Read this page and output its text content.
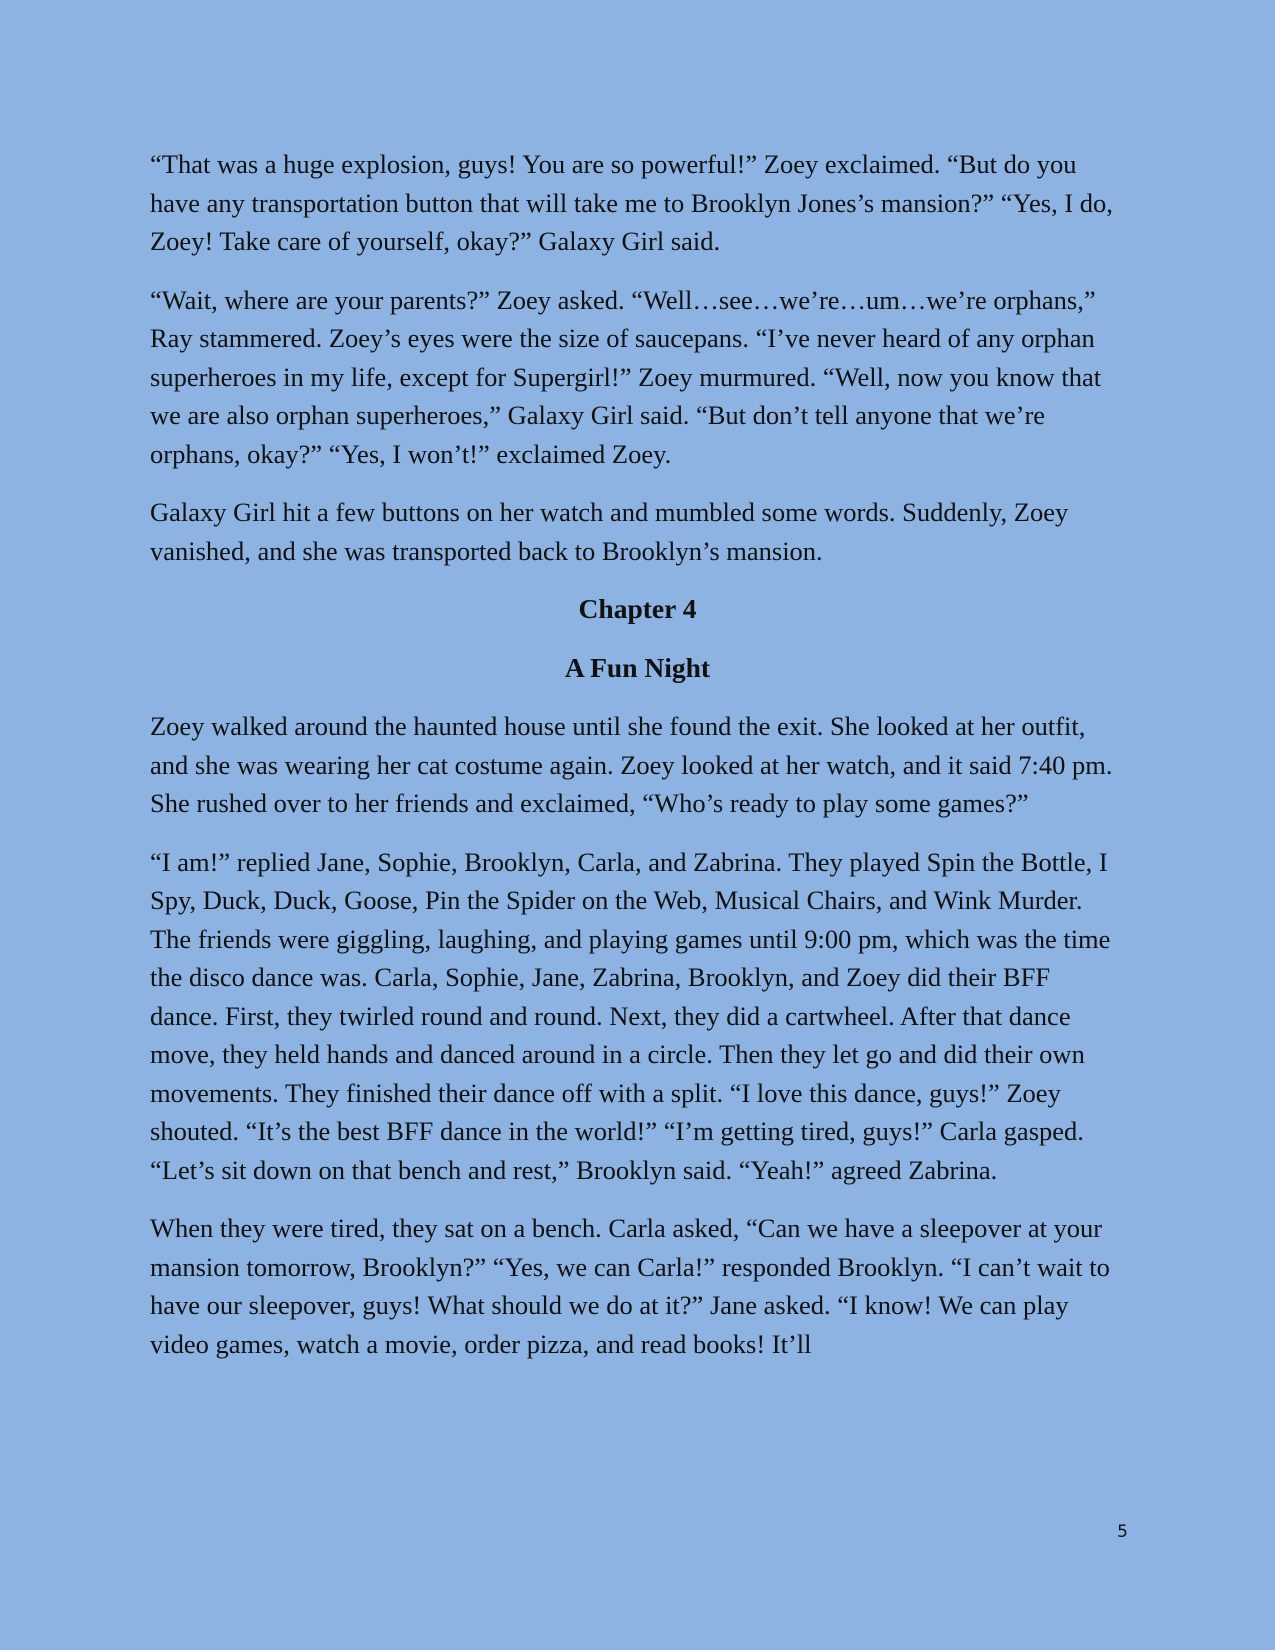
“That was a huge explosion, guys! You are so powerful!” Zoey exclaimed. “But do you have any transportation button that will take me to Brooklyn Jones’s mansion?” “Yes, I do, Zoey! Take care of yourself, okay?” Galaxy Girl said.

“Wait, where are your parents?” Zoey asked. “Well…see…we’re…um…we’re orphans,” Ray stammered. Zoey’s eyes were the size of saucepans. “I’ve never heard of any orphan superheroes in my life, except for Supergirl!” Zoey murmured. “Well, now you know that we are also orphan superheroes,” Galaxy Girl said. “But don’t tell anyone that we’re orphans, okay?” “Yes, I won’t!” exclaimed Zoey.

Galaxy Girl hit a few buttons on her watch and mumbled some words. Suddenly, Zoey vanished, and she was transported back to Brooklyn’s mansion.

Chapter 4

A Fun Night

Zoey walked around the haunted house until she found the exit. She looked at her outfit, and she was wearing her cat costume again. Zoey looked at her watch, and it said 7:40 pm. She rushed over to her friends and exclaimed, “Who’s ready to play some games?”

“I am!” replied Jane, Sophie, Brooklyn, Carla, and Zabrina. They played Spin the Bottle, I Spy, Duck, Duck, Goose, Pin the Spider on the Web, Musical Chairs, and Wink Murder. The friends were giggling, laughing, and playing games until 9:00 pm, which was the time the disco dance was. Carla, Sophie, Jane, Zabrina, Brooklyn, and Zoey did their BFF dance. First, they twirled round and round. Next, they did a cartwheel. After that dance move, they held hands and danced around in a circle. Then they let go and did their own movements. They finished their dance off with a split. “I love this dance, guys!” Zoey shouted. “It’s the best BFF dance in the world!” “I’m getting tired, guys!” Carla gasped. “Let’s sit down on that bench and rest,” Brooklyn said. “Yeah!” agreed Zabrina.

When they were tired, they sat on a bench. Carla asked, “Can we have a sleepover at your mansion tomorrow, Brooklyn?” “Yes, we can Carla!” responded Brooklyn. “I can’t wait to have our sleepover, guys! What should we do at it?” Jane asked. “I know! We can play video games, watch a movie, order pizza, and read books! It’ll

5
